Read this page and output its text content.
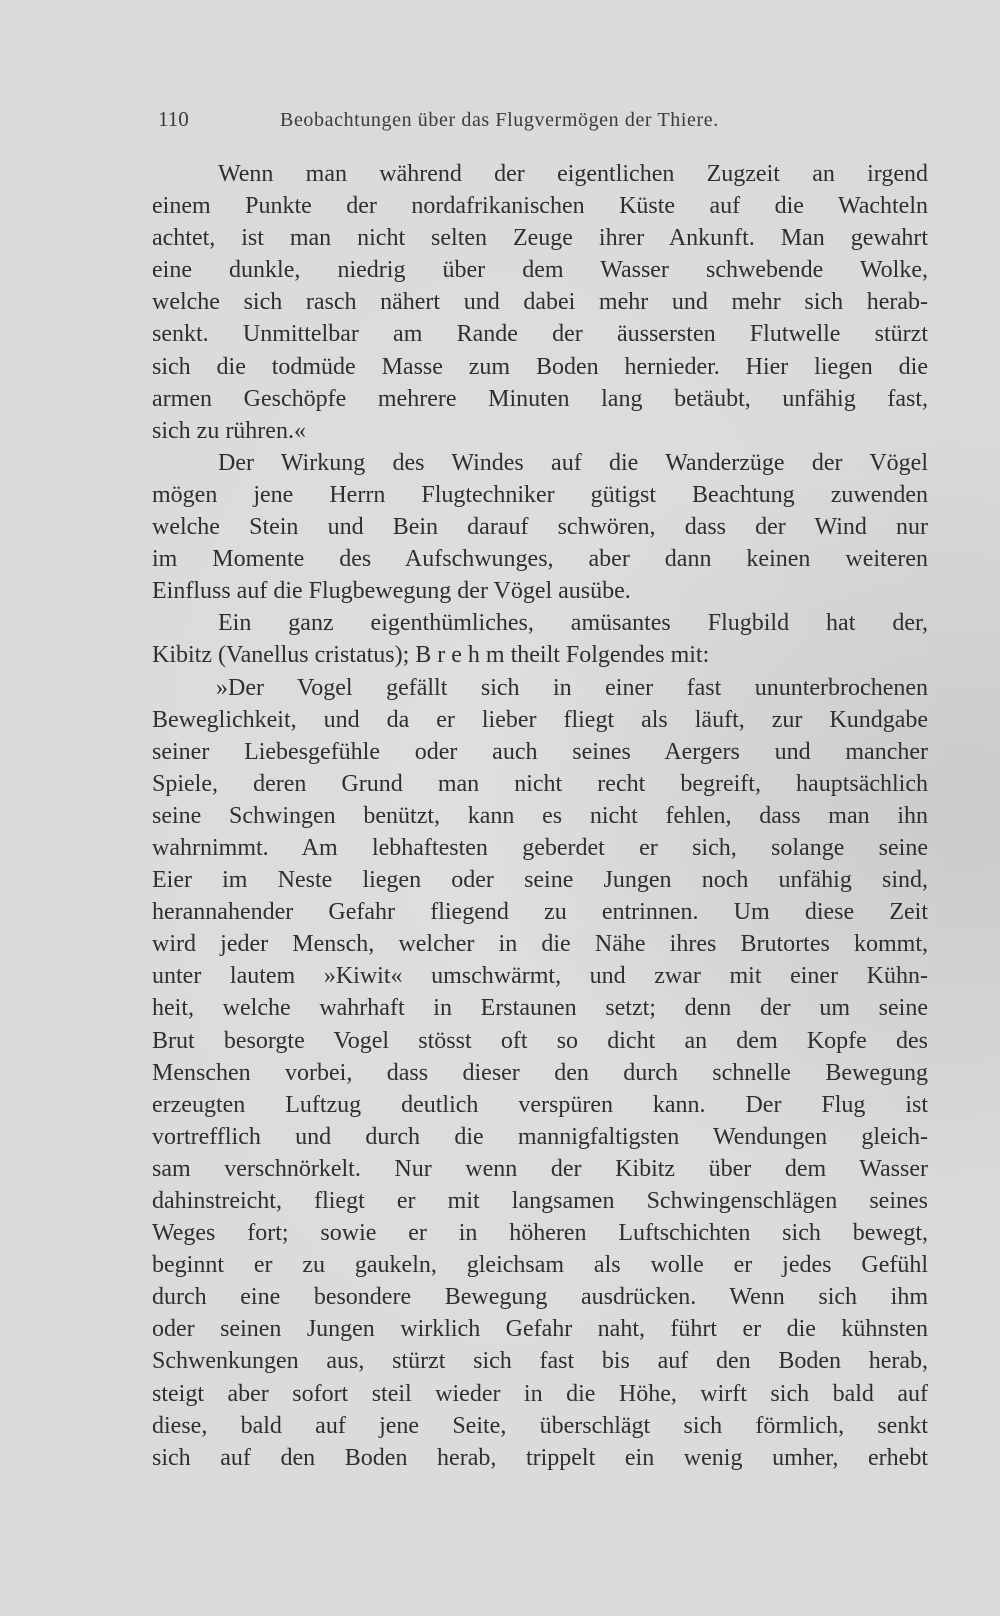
110	Beobachtungen über das Flugvermögen der Thiere.
Wenn man während der eigentlichen Zugzeit an irgend
einem Punkte der nordafrikanischen Küste auf die Wachteln
achtet, ist man nicht selten Zeuge ihrer Ankunft. Man gewahrt
eine dunkle, niedrig über dem Wasser schwebende Wolke,
welche sich rasch nähert und dabei mehr und mehr sich herab-
senkt. Unmittelbar am Rande der äussersten Flutwelle stürzt
sich die todmüde Masse zum Boden hernieder. Hier liegen die
armen Geschöpfe mehrere Minuten lang betäubt, unfähig fast,
sich zu rühren.«
Der Wirkung des Windes auf die Wanderzüge der Vögel
mögen jene Herrn Flugtechniker gütigst Beachtung zuwenden
welche Stein und Bein darauf schwören, dass der Wind nur
im Momente des Aufschwunges, aber dann keinen weiteren
Einfluss auf die Flugbewegung der Vögel ausübe.
Ein ganz eigenthümliches, amüsantes Flugbild hat der,
Kibitz (Vanellus cristatus); B r e h m theilt Folgendes mit:
»Der Vogel gefällt sich in einer fast ununterbrochenen
Beweglichkeit, und da er lieber fliegt als läuft, zur Kundgabe
seiner Liebesgefühle oder auch seines Aergers und mancher
Spiele, deren Grund man nicht recht begreift, hauptsächlich
seine Schwingen benützt, kann es nicht fehlen, dass man ihn
wahrnimmt. Am lebhaftesten geberdet er sich, solange seine
Eier im Neste liegen oder seine Jungen noch unfähig sind,
herannahender Gefahr fliegend zu entrinnen. Um diese Zeit
wird jeder Mensch, welcher in die Nähe ihres Brutortes kommt,
unter lautem »Kiwit« umschwärmt, und zwar mit einer Kühn-
heit, welche wahrhaft in Erstaunen setzt; denn der um seine
Brut besorgte Vogel stösst oft so dicht an dem Kopfe des
Menschen vorbei, dass dieser den durch schnelle Bewegung
erzeugten Luftzug deutlich verspüren kann. Der Flug ist
vortrefflich und durch die mannigfaltigsten Wendungen gleich-
sam verschnörkelt. Nur wenn der Kibitz über dem Wasser
dahinstreicht, fliegt er mit langsamen Schwingenschlägen seines
Weges fort; sowie er in höheren Luftschichten sich bewegt,
beginnt er zu gaukeln, gleichsam als wolle er jedes Gefühl
durch eine besondere Bewegung ausdrücken. Wenn sich ihm
oder seinen Jungen wirklich Gefahr naht, führt er die kühnsten
Schwenkungen aus, stürzt sich fast bis auf den Boden herab,
steigt aber sofort steil wieder in die Höhe, wirft sich bald auf
diese, bald auf jene Seite, überschlägt sich förmlich, senkt
sich auf den Boden herab, trippelt ein wenig umher, erhebt
